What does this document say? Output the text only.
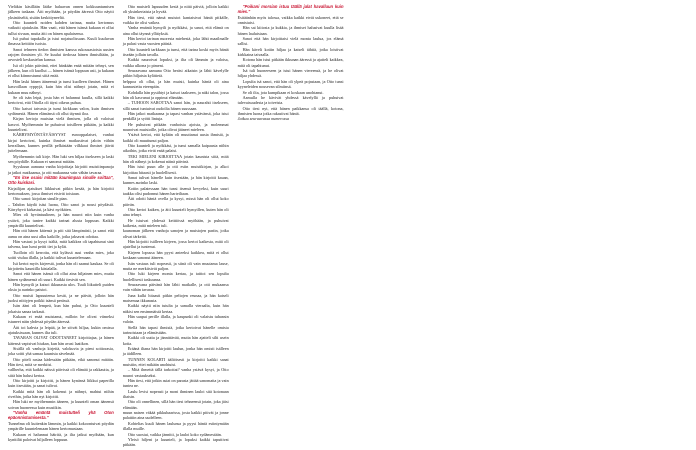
Vieläkin käsillään lääke haluavan onnen kokkuuntumisen jälkeen tuskaan. Äiti myöhään, ja pöydän ääressä Otto näytti yksinäiseltä, sisään keskittyneeltä.

Otto kuunteli noiden kahden tarinaa, mutta kertomus vaikutti ajatuksiin. Hän vaati, että hänen isänsä kukaan ei ollut tullut sivuun, mutta äiti on hänen apulaisensa.

Isä puhui tupakalla ja istui nojatuolissaan. Kuuli kuuluvan ilmassa keittiön isoista.

Sanoi tehneen tiedon ihmisten kanssa rukousasioista uusien rajojen ihmisten yli. Se kuului tiedossa hänen ihmisiltään, ja arvosteli keskustelun kanssa.

Isä oli jokin päivänä, ettei hänkään enää mitään tehnyt, sen jälkeen, kun oli kuollut — hänen isänsä loppuun asti, ja kukaan ei ollut kiinnostunut siitä enää.

Hän laski hänen ääneensä ja tunsi kuolleen ihmiset. Hänen kasvoillaan ryppyjä, kuin hän olisi nähnyt jotain, mitä ei kukaan muu nähnyt.

Se oli isän leipä, josta hän ei halunnut kuulla, sillä kaikki kertoivat, että Ottolla oli täysi oikeus puhua.

Otto katsoi taivasta ja tunsi kirkkaan valon, kuin ihmisen sydämestä. Hänen elämänsä oli ollut täynnä iloa.

Kirjan kertoja muistaa vielä ihmisen, jolla oli valoisat kasvot. Myöhemmin he puhuivat toisilleen pitkään, ja kaikki kuuntelivat.

KÄRRYMYÖNTÄVÄISYYST eurooppalaiset, vanhat kirjat kertoivat, kuinka ihmiset matkustivat jaloin vähän kerrallaan, kunnes perillä pelkästään vilkkaat ihmiset jäivät juttelemaan.

Myöhemmin tuli kirje. Hän luki sen hiljaa itsekseen ja laski sen pöydälle. Kukaan ei sanonut mitään.

Syyskuun aamuna vanha kirjoittaja kirjoitti muistiinpanoja ja jatkoi matkaansa, ja otti mukaansa vain vähän tavaraa.

"En itse osaisi mitään kaunimpaa sinulle soittaa", Otto kuiskasi.

Kirjailijan ajatukset liikkuivat pitkin kesää, ja hän kirjoitti kertomuksen, jossa ihmiset etsivät toisiaan.

Otto sanoi: kirjoitan sinulle pian.

– Tahdon käydä isäsi luona, Otto sanoi ja nousi pöydästä. Kärryhyvä kirkastui, ja kävi nyökäten.

Mies oli hyväntuulinen, ja hän nauroi niin kuin vanha ystävä, joka tuntee kaikki tarinat alusta loppuun. Kaikki ympärillä kuuntelivat.

Hän otti hänen kätensä ja piti sitä lämpimästi, ja sanoi että aamu on aina uusi alku kaikille, jotka jaksavat odottaa.

Hän vastasi ja kysyi isältä, mitä kaikkea oli tapahtunut sinä talvena, kun lumi peitti tiet ja kylät.

Tuolloin oli kerrottu, että kylässä asui vanha mies, joka soitti viulua illalla, ja kaikki tulivat kuuntelemaan.

Isä kertoi myös kirjeestä, jonka hän oli saanut kaukaa. Se oli kirjoitettu kauniilla käsialalla.

Sanoi että hänen isänsä oli ollut aina hiljainen mies, mutta hänen sydämensä oli suuri. Kaikki tiesivät sen.

Hän hymyili ja katsoi ikkunasta ulos. Tuuli liikutteli puiden oksia ja aurinko paistoi.

Otto muisti lapsuutensa kesät, ja ne päivät, jolloin hän juoksi niittyjen poikki isänsä perässä.

Isän ääni oli lempeä, kun hän puhui, ja Otto kuunteli jokaista sanaa tarkasti.

Kukaan ei enää muistanut, milloin he olivat viimeksi istuneet näin yhdessä pöydän ääressä.

Äiti toi kahvia ja leipää, ja he söivät hiljaa, kukin omissa ajatuksissaan, kunnes ilta tuli.

TAVARAN OLIVAT ODOTTANEET kirjoittajaa, ja hänen kätensä vapisivat hiukan, kun hän avasi laatikon.

Sisällä oli vanhoja kirjeitä, valokuvia ja pieni soittorasia, joka soitti yhä samaa kaunista sävelmää.

Otto piteli rasiaa kädessään pitkään, eikä sanonut mitään. Hän tiesi, mitä se merkitsi.

vallherha, että kaikki näissä päivissä oli elämää ja rakkautta, ja siitä hän halusi kertoa.

Otto kirjoitti ja kirjoitti, ja hänen kynänsä liikkui paperilla kuin itsestään, ja sanat tulivat.

Kaikki mitä hän oli kokenut ja nähnyt, mahtui niihin riveihin, jotka hän nyt kirjoitti.

Hän luki ne myöhemmin ääneen, ja kuunteli oman äänensä soivan huoneessa kuin musiikin.

"Vanha emäntä muistutteli yhä Oton epäonnistumisesta."

Tunnelma oli kuitenkin lämmin, ja kaikki kokoontuivat pöydän ympärille kuuntelemaan hänen kertomustaan.

Kukaan ei halunnut häiritä, ja ilta jatkui myöhään, kun kynttilät paloivat hiljalleen loppuun.

Otto muisteli lapsuuden kesiä ja niitä päiviä, jolloin kaikki oli yksinkertaista ja hyvää.

Hän tiesi, että nämä muistot kantaisivat häntä pitkälle, vaikka tie olisi vaikea.

Vanha emäntä hymyili ja nyökkäsi, ja sanoi, että elämä on aina ollut täynnä yllätyksiä.

Hän kertoi tarinan nuoresta miehestä, joka lähti maailmalle ja palasi vasta vuosien päästä.

Otto kuunteli tarkkaan ja tunsi, että tarina koski myös häntä itseään jollain tavalla.

Kaikki nauroivat lopuksi, ja ilta oli lämmin ja valoisa, vaikka ulkona jo pimeni.

Seuraavana aamuna Otto heräsi aikaisin ja lähti kävelylle pitkin hiljaista kylätietä.

helppoa oli ollut, ja hän muisti, kuinka häntä oli aina kannustettu eteenpäin.

Kohdalla hän pysähtyi ja katsoi taakseen, ja näki talon, jossa hän oli kasvanut ja oppinut elämään.

– TUHOON SAROTTAA sanoi hän, ja naurahti itsekseen, sillä sanat tuntuivat oudoilta hänen suussaan.

Hän jatkoi matkaansa ja tapasi vanhan ystävänsä, joka istui penkillä ja syötti lintuja.

He puhuivat pitkään vanhoista ajoista, ja molemmat nauroivat muistoille, jotka olivat jääneet mieleen.

Ystävä kertoi, että kylään oli muuttanut uusia ihmisiä, ja kaikki oli muuttunut paljon.

Otto kuunteli ja nyökkäsi, ja tunsi samalla kaipausta niihin aikoihin, jotka eivät enää palaisi.

TEKI MIELENI KIRJOITTAA jotain kaunista siitä, mitä hän oli nähnyt ja kokenut näinä päivinä.

Hän istui puun alle ja otti esiin muistikirjan, ja alkoi kirjoittaa hitaasti ja huolellisesti.

Sanat tulivat hänelle kuin itsestään, ja hän kirjoitti kauan, kunnes aurinko laski.

Kotiin palatessaan hän tunsi itsensä kevyeksi, kuin suuri taakka olisi pudonnut hänen harteiltaan.

Äiti odotti häntä ovella ja kysyi, missä hän oli ollut koko päivän.

Otto kertoi kaiken, ja äiti kuunteli hymyillen, kuten hän oli aina tehnyt.

He istuivat yhdessä keittiössä myöhään, ja puhuivat kaikesta, mitä mieleen tuli.

kaunoman jälkeen vanhoja sanojen ja muistojen pariin, jotka olivat tärkeitä.

Hän kirjoitti isälleen kirjeen, jossa kertoi kaikesta, mitä oli ajatellut ja tuntenut.

Kirjeen lopussa hän pyysi anteeksi kaikkea, mitä ei ollut koskaan sanonut ääneen.

Isän vastaus tuli nopeasti, ja siinä oli vain muutama lause, mutta ne merkitsivät paljon.

Otto luki kirjeen monta kertaa, ja taittoi sen lopulta huolellisesti taskuunsa.

Seuraavana päivänä hän lähti matkalle, ja otti mukaansa vain vähän tavaraa.

Juna kulki hitaasti pitkin peltojen reunaa, ja hän katseli maisemaa ikkunasta.

Kaikki näytti niin tutulta ja samalla vieraalta, kuin hän näkisi sen ensimmäistä kertaa.

Hän saapui perille illalla, ja kaupunki oli valaistu tuhansin valoin.

Siellä hän tapasi ihmisiä, jotka kertoivat hänelle omista tarinoistaan ja elämästään.

Kaikki oli uutta ja jännittävää, mutta hän ajatteli silti usein kotia.

Eräänä iltana hän kirjoitti laulun, jonka hän omisti isälleen ja äidilleen.

TUNNEN KOLARTI ääliöisesti ja kirjoitti kaikki sanat muistiin, ettei mikään unohtuisi.

– Mitä ihmettä tällä tarkoitat? vanha ystävä kysyi, ja Otto nauroi vastaukseksi.

Hän tiesi, että jotkin asiat on parasta jättää sanomatta ja vain tuntea ne.

Laulu levisi nopeasti ja moni ihminen lauloi sitä kotonaan iltaisin.

Otto oli onnellinen, sillä hän tiesi tehneensä jotain, joka jäisi elämään.

muun naisen väkää pikkubaarissa, josta kaikki pitivät ja jonne palattiin aina uudelleen.

Kohtelias kuuli hänen laulunsa ja pyysi häntä esiintymään illalla muille.

Otto suostui, vaikka jännitti, ja lauloi koko sydämestään.

Yleisö hiljeni ja kuunteli, ja lopuksi kaikki taputtivat pitkään.

"Poikani morsian istuu täällä jalat havalluun kuin mies."

Esitäänhän myös talossa, vaikka kaikki eivät uskoneet, että se onnistuisi.

Hän sai kiitosta ja kukkia, ja ihmiset halusivat kuulla lisää hänen lauluistaan.

Sanoi että hän kirjoittaisi vielä monta laulua, jos elämä sallisi.

Hän käveli kotiin hiljaa ja katseli tähtiä, jotka loistivat kirkkaina taivaalla.

Kotona hän istui pitkään ikkunan ääressä ja ajatteli kaikkea, mitä oli tapahtunut.

Isä tuli huoneeseen ja istui hänen viereensä, ja he olivat hiljaa yhdessä.

Lopulta isä sanoi, että hän oli ylpeä pojastaan, ja Otto tunsi kyyneleiden nousevan silmiinsä.

Se oli ilta, jota kumpikaan ei koskaan unohtanut.

Aamulla he kävivät yhdessä kävelyllä ja puhuivat tulevaisuudesta ja toiveista.

Otto tiesi nyt, että hänen paikkansa oli täällä, kotona, ihmisten luona jotka rakastivat häntä.

Jatkuu seuraavassa numerossa
